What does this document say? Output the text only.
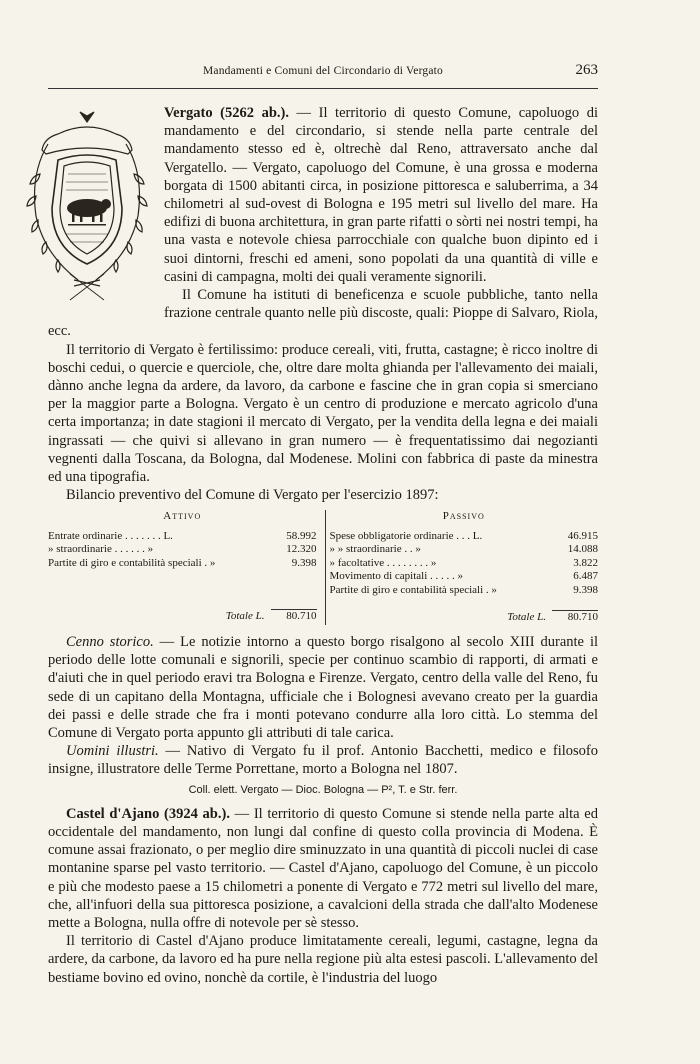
Mandamenti e Comuni del Circondario di Vergato	263

Vergato (5262 ab.). — Il territorio di questo Comune, capoluogo di mandamento e del circondario, si stende nella parte centrale del mandamento stesso ed è, oltrechè dal Reno, attraversato anche dal Vergatello. — Vergato, capoluogo del Comune, è una grossa e moderna borgata di 1500 abitanti circa, in posizione pittoresca e saluberrima, a 34 chilometri al sud-ovest di Bologna e 195 metri sul livello del mare. Ha edifizi di buona architettura, in gran parte rifatti o sòrti nei nostri tempi, ha una vasta e notevole chiesa parrocchiale con qualche buon dipinto ed i suoi dintorni, freschi ed ameni, sono popolati da una quantità di ville e casini di campagna, molti dei quali veramente signorili.

Il Comune ha istituti di beneficenza e scuole pubbliche, tanto nella frazione centrale quanto nelle più discoste, quali: Pioppe di Salvaro, Riola, ecc.

Il territorio di Vergato è fertilissimo: produce cereali, viti, frutta, castagne; è ricco inoltre di boschi cedui, o quercie e querciole, che, oltre dare molta ghianda per l'allevamento dei maiali, dànno anche legna da ardere, da lavoro, da carbone e fascine che in gran copia si smerciano per la maggior parte a Bologna. Vergato è un centro di produzione e mercato agricolo d'una certa importanza; in date stagioni il mercato di Vergato, per la vendita della legna e dei maiali ingrassati — che quivi si allevano in gran numero — è frequentatissimo dai negozianti vegnenti dalla Toscana, da Bologna, dal Modenese. Molini con fabbrica di paste da minestra ed una tipografia.

Bilancio preventivo del Comune di Vergato per l'esercizio 1897:

Attivo
Entrate ordinarie . . . . . . . L.	58.992
» straordinarie . . . . . . »	12.320
Partite di giro e contabilità speciali . »	9.398
Totale L.	80.710
Passivo
Spese obbligatorie ordinarie . . . L.	46.915
» » straordinarie . . »	14.088
» facoltative . . . . . . . . »	3.822
Movimento di capitali . . . . . »	6.487
Partite di giro e contabilità speciali . »	9.398
Totale L.	80.710

Cenno storico. — Le notizie intorno a questo borgo risalgono al secolo XIII durante il periodo delle lotte comunali e signorili, specie per continuo scambio di rapporti, di armati e d'aiuti che in quel periodo eravi tra Bologna e Firenze. Vergato, centro della valle del Reno, fu sede di un capitano della Montagna, ufficiale che i Bolognesi avevano creato per la guardia dei passi e delle strade che fra i monti potevano condurre alla loro città. Lo stemma del Comune di Vergato porta appunto gli attributi di tale carica.

Uomini illustri. — Nativo di Vergato fu il prof. Antonio Bacchetti, medico e filosofo insigne, illustratore delle Terme Porrettane, morto a Bologna nel 1807.

Coll. elett. Vergato — Dioc. Bologna — P², T. e Str. ferr.

Castel d'Ajano (3924 ab.). — Il territorio di questo Comune si stende nella parte alta ed occidentale del mandamento, non lungi dal confine di questo colla provincia di Modena. È comune assai frazionato, o per meglio dire sminuzzato in una quantità di piccoli nuclei di case montanine sparse pel vasto territorio. — Castel d'Ajano, capoluogo del Comune, è un piccolo e più che modesto paese a 15 chilometri a ponente di Vergato e 772 metri sul livello del mare, che, all'infuori della sua pittoresca posizione, a cavalcioni della strada che dall'alto Modenese mette a Bologna, nulla offre di notevole per sè stesso.

Il territorio di Castel d'Ajano produce limitatamente cereali, legumi, castagne, legna da ardere, da carbone, da lavoro ed ha pure nella regione più alta estesi pascoli. L'allevamento del bestiame bovino ed ovino, nonchè da cortile, è l'industria del luogo
